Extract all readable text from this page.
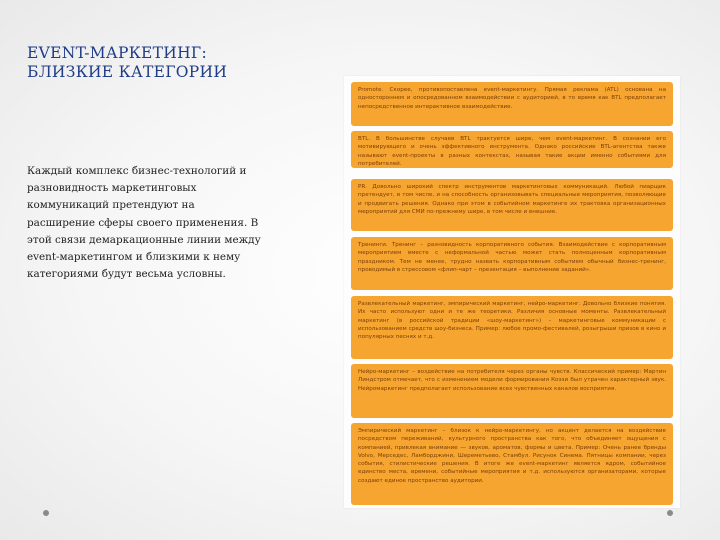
EVENT-МАРКЕТИНГ:
БЛИЗКИЕ КАТЕГОРИИ
Каждый комплекс бизнес-технологий и разновидность маркетинговых коммуникаций претендуют на расширение сферы своего применения. В этой связи демаркационные линии между event-маркетингом и близкими к нему категориями будут весьма условны.
Promote. Скорее, противопоставлена event-маркетингу. Прямая реклама (ATL) основана на одностороннем и опосредованном взаимодействии с аудиторией, в то время как BTL предполагает непосредственное интерактивное взаимодействие.
BTL. В большинстве случаев BTL трактуется шире, чем event-маркетинг. В сознании его мотивирующего и очень эффективного инструмента. Однако российские BTL-агентства также называют event-проекты в разных контекстах, называя такие акции именно событиями для потребителей.
PR. Довольно широкий спектр инструментов маркетинговых коммуникаций. Любой пиарщик претендует, в том числе, и на способность организовывать специальные мероприятия, позволяющие и продвигать решения. Однако при этом в событийном маркетинге их трактовка организационных мероприятий для СМИ по-прежнему шире, в том числе и внешние.
Тренинги. Тренинг – разновидность корпоративного события. Взаимодействие с корпоративным мероприятием вместе с неформальной частью может стать полноценным корпоративным праздником. Тем не менее, трудно назвать корпоративным событием обычный бизнес-тренинг, проводимый в стрессовом «флип-чарт – презентация – выполнение заданий».
Развлекательный маркетинг, эмпирический маркетинг, нейро-маркетинг. Довольно близкие понятия. Их часто используют одни и те же теоретики. Различия основные моменты. Развлекательный маркетинг (в российской традиции «шоу-маркетинг») – маркетинговые коммуникации с использованием средств шоу-бизнеса. Пример: любое промо-фестивалей, розыгрыши призов в кино и популярных песнях и т.д.
Нейро-маркетинг – воздействие на потребителя через органы чувств. Классический пример: Мартин Линдстром отмечает, что с изменением модели формирования Коэзи был утрачен характерный звук. Нейромаркетинг предполагает использование всех чувственных каналов восприятия.
Эмпирический маркетинг – близок к нейро-маркетингу, но акцент делается на воздействие посредством переживаний, культурного пространства как того, что объединяет ощущения с компанией, привлекая внимание — звуков, ароматов, формы и цвета. Пример: Очень ранее бренды Volvo, Мерседес, Ламборджини, Шереметьево, Стамбул. Рисунок Синема. Пятницы компании, через события, стилистические решения. В итоге же event-маркетинг является ядром, событийное единство места, времени, событийные мероприятия и т.д. используются организаторами, которые создают единое пространство аудитории.
